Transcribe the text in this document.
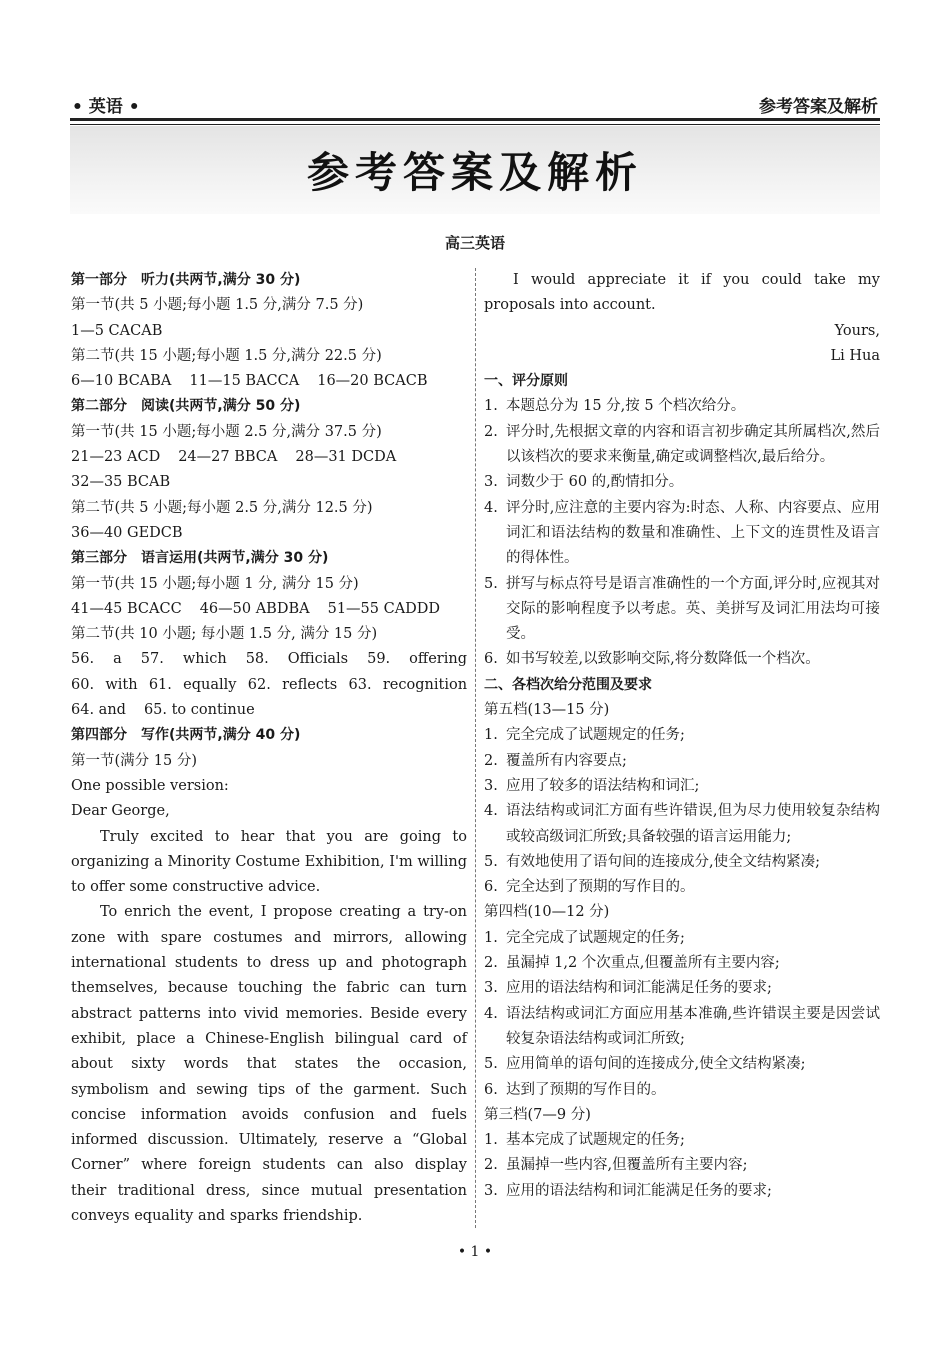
• 英语 •	参考答案及解析
参考答案及解析
高三英语
第一部分　听力(共两节,满分 30 分)
第一节(共 5 小题;每小题 1.5 分,满分 7.5 分)
1—5 CACAB
第二节(共 15 小题;每小题 1.5 分,满分 22.5 分)
6—10 BCABA 11—15 BACCA 16—20 BCACB
第二部分　阅读(共两节,满分 50 分)
第一节(共 15 小题;每小题 2.5 分,满分 37.5 分)
21—23 ACD 24—27 BBCA 28—31 DCDA
32—35 BCAB
第二节(共 5 小题;每小题 2.5 分,满分 12.5 分)
36—40 GEDCB
第三部分　语言运用(共两节,满分 30 分)
第一节(共 15 小题;每小题 1 分, 满分 15 分)
41—45 BCACC 46—50 ABDBA 51—55 CADDD
第二节(共 10 小题; 每小题 1.5 分, 满分 15 分)
56. a 57. which 58. Officials 59. offering
60. with 61. equally 62. reflects 63. recognition
64. and 65. to continue
第四部分　写作(共两节,满分 40 分)
第一节(满分 15 分)
One possible version:
Dear George,
Truly excited to hear that you are going to organizing a Minority Costume Exhibition, I'm willing to offer some constructive advice.
To enrich the event, I propose creating a try-on zone with spare costumes and mirrors, allowing international students to dress up and photograph themselves, because touching the fabric can turn abstract patterns into vivid memories. Beside every exhibit, place a Chinese-English bilingual card of about sixty words that states the occasion, symbolism and sewing tips of the garment. Such concise information avoids confusion and fuels informed discussion. Ultimately, reserve a “Global Corner” where foreign students can also display their traditional dress, since mutual presentation conveys equality and sparks friendship.
I would appreciate it if you could take my proposals into account.
Yours,
Li Hua
一、评分原则
1. 本题总分为 15 分,按 5 个档次给分。
2. 评分时,先根据文章的内容和语言初步确定其所属档次,然后以该档次的要求来衡量,确定或调整档次,最后给分。
3. 词数少于 60 的,酌情扣分。
4. 评分时,应注意的主要内容为:时态、人称、内容要点、应用词汇和语法结构的数量和准确性、上下文的连贯性及语言的得体性。
5. 拼写与标点符号是语言准确性的一个方面,评分时,应视其对交际的影响程度予以考虑。英、美拼写及词汇用法均可接受。
6. 如书写较差,以致影响交际,将分数降低一个档次。
二、各档次给分范围及要求
第五档(13—15 分)
1. 完全完成了试题规定的任务;
2. 覆盖所有内容要点;
3. 应用了较多的语法结构和词汇;
4. 语法结构或词汇方面有些许错误,但为尽力使用较复杂结构或较高级词汇所致;具备较强的语言运用能力;
5. 有效地使用了语句间的连接成分,使全文结构紧凑;
6. 完全达到了预期的写作目的。
第四档(10—12 分)
1. 完全完成了试题规定的任务;
2. 虽漏掉 1,2 个次重点,但覆盖所有主要内容;
3. 应用的语法结构和词汇能满足任务的要求;
4. 语法结构或词汇方面应用基本准确,些许错误主要是因尝试较复杂语法结构或词汇所致;
5. 应用简单的语句间的连接成分,使全文结构紧凑;
6. 达到了预期的写作目的。
第三档(7—9 分)
1. 基本完成了试题规定的任务;
2. 虽漏掉一些内容,但覆盖所有主要内容;
3. 应用的语法结构和词汇能满足任务的要求;
• 1 •
